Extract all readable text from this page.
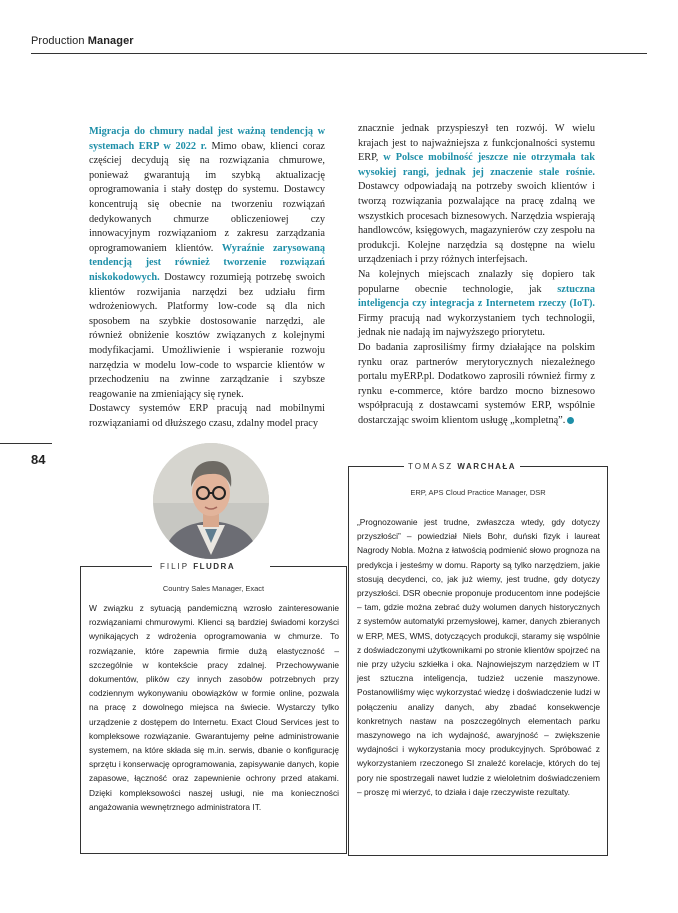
Production Manager

Migracja do chmury nadal jest ważną tendencją w systemach ERP w 2022 r. Mimo obaw, klienci coraz częściej decydują się na rozwiązania chmurowe, ponieważ gwarantują im szybką aktualizację oprogramowania i stały dostęp do systemu. Dostawcy koncentrują się obecnie na tworzeniu rozwiązań dedykowanych chmurze obliczeniowej czy innowacyjnym rozwiązaniom z zakresu zarządzania oprogramowaniem klientów. Wyraźnie zarysowaną tendencją jest również tworzenie rozwiązań niskokodowych. Dostawcy rozumieją potrzebę swoich klientów rozwijania narzędzi bez udziału firm wdrożeniowych. Platformy low-code są dla nich sposobem na szybkie dostosowanie narzędzi, ale również obniżenie kosztów związanych z kolejnymi modyfikacjami. Umożliwienie i wspieranie rozwoju narzędzia w modelu low-code to wsparcie klientów w przechodzeniu na zwinne zarządzanie i szybsze reagowanie na zmieniający się rynek.

Dostawcy systemów ERP pracują nad mobilnymi rozwiązaniami od dłuższego czasu, zdalny model pracy

znacznie jednak przyspieszył ten rozwój. W wielu krajach jest to najważniejsza z funkcjonalności systemu ERP, w Polsce mobilność jeszcze nie otrzymała tak wysokiej rangi, jednak jej znaczenie stale rośnie. Dostawcy odpowiadają na potrzeby swoich klientów i tworzą rozwiązania pozwalające na pracę zdalną we wszystkich procesach biznesowych. Narzędzia wspierają handlowców, księgowych, magazynierów czy zespołu na produkcji. Kolejne narzędzia są dostępne na wielu urządzeniach i przy różnych interfejsach.

Na kolejnych miejscach znalazły się dopiero tak popularne obecnie technologie, jak sztuczna inteligencja czy integracja z Internetem rzeczy (IoT). Firmy pracują nad wykorzystaniem tych technologii, jednak nie nadają im najwyższego priorytetu.

Do badania zaprosiliśmy firmy działające na polskim rynku oraz partnerów merytorycznych niezależnego portalu myERP.pl. Dodatkowo zaprosili również firmy z rynku e-commerce, które bardzo mocno biznesowo współpracują z dostawcami systemów ERP, wspólnie dostarczając swoim klientom usługę „kompletną”.

84
FILIP FLUDRA
Country Sales Manager, Exact
W związku z sytuacją pandemiczną wzrosło zainteresowanie rozwiązaniami chmurowymi. Klienci są bardziej świadomi korzyści wynikających z wdrożenia oprogramowania w chmurze. To rozwiązanie, które zapewnia firmie dużą elastyczność – szczególnie w kontekście pracy zdalnej. Przechowywanie dokumentów, plików czy innych zasobów potrzebnych przy codziennym wykonywaniu obowiązków w formie online, pozwala na pracę z dowolnego miejsca na świecie. Wystarczy tylko urządzenie z dostępem do Internetu. Exact Cloud Services jest to kompleksowe rozwiązanie. Gwarantujemy pełne administrowanie systemem, na które składa się m.in. serwis, dbanie o konfigurację sprzętu i konserwację oprogramowania, zapisywanie danych, kopie zapasowe, łączność oraz zapewnienie ochrony przed atakami. Dzięki kompleksowości naszej usługi, nie ma konieczności angażowania wewnętrznego administratora IT.
TOMASZ WARCHAŁA
ERP, APS Cloud Practice Manager, DSR
„Prognozowanie jest trudne, zwłaszcza wtedy, gdy dotyczy przyszłości” – powiedział Niels Bohr, duński fizyk i laureat Nagrody Nobla. Można z łatwością podmienić słowo prognoza na predykcja i jesteśmy w domu. Raporty są tylko narzędziem, jakie stosują decydenci, co, jak już wiemy, jest trudne, gdy dotyczy przyszłości. DSR obecnie proponuje producentom inne podejście – tam, gdzie można zebrać duży wolumen danych historycznych z systemów automatyki przemysłowej, kamer, danych zbieranych w ERP, MES, WMS, dotyczących produkcji, staramy się wspólnie z doświadczonymi użytkownikami po stronie klientów spojrzeć na nie przy użyciu szkiełka i oka. Najnowiejszym narzędziem w IT jest sztuczna inteligencja, tudzież uczenie maszynowe. Postanowiliśmy więc wykorzystać wiedzę i doświadczenie ludzi w połączeniu analizy danych, aby zbadać konsekwencje konkretnych nastaw na poszczególnych elementach parku maszynowego na ich wydajność, awaryjność – zwiększenie wydajności i wykorzystania mocy produkcyjnych. Spróbować z wykorzystaniem rzeczonego SI znaleźć korelacje, których do tej pory nie spostrzegali nawet ludzie z wieloletnim doświadczeniem – proszę mi wierzyć, to działa i daje rzeczywiste rezultaty.
